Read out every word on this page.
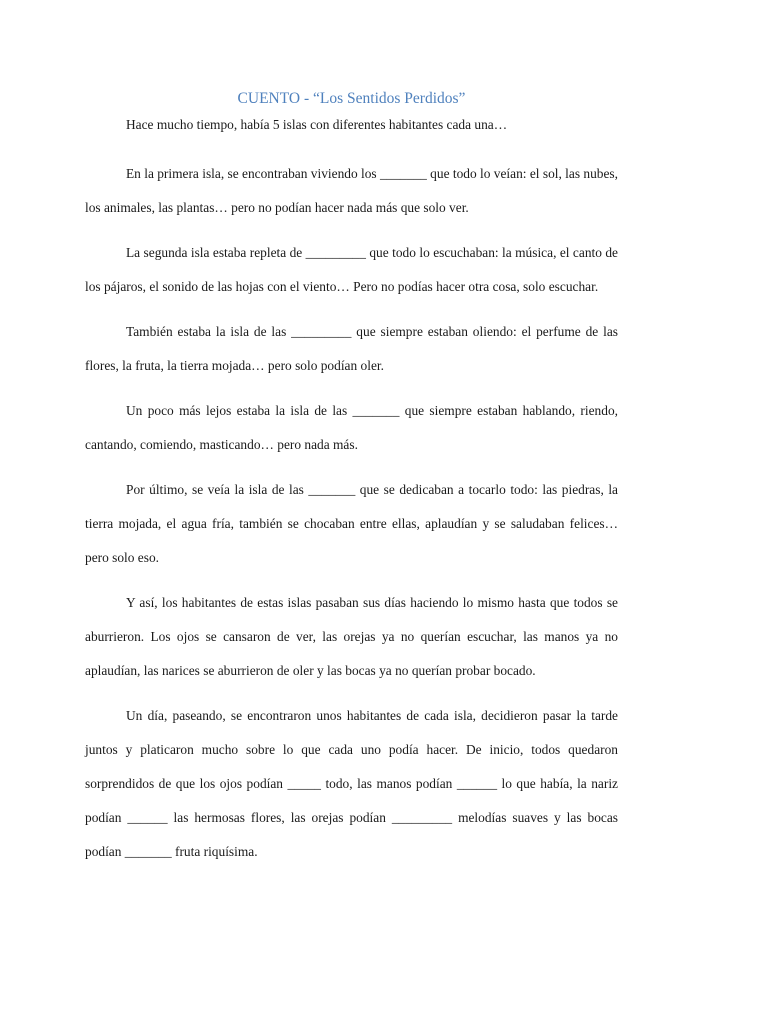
CUENTO - “Los Sentidos Perdidos”

Hace mucho tiempo, había 5 islas con diferentes habitantes cada una…

En la primera isla, se encontraban viviendo los _______ que todo lo veían: el sol, las nubes, los animales, las plantas… pero no podían hacer nada más que solo ver.

La segunda isla estaba repleta de _________ que todo lo escuchaban: la música, el canto de los pájaros, el sonido de las hojas con el viento… Pero no podías hacer otra cosa, solo escuchar.

También estaba la isla de las _________ que siempre estaban oliendo: el perfume de las flores, la fruta, la tierra mojada… pero solo podían oler.

Un poco más lejos estaba la isla de las _______ que siempre estaban hablando, riendo, cantando, comiendo, masticando… pero nada más.

Por último, se veía la isla de las _______ que se dedicaban a tocarlo todo: las piedras, la tierra mojada, el agua fría, también se chocaban entre ellas, aplaudían y se saludaban felices… pero solo eso.

Y así, los habitantes de estas islas pasaban sus días haciendo lo mismo hasta que todos se aburrieron. Los ojos se cansaron de ver, las orejas ya no querían escuchar, las manos ya no aplaudían, las narices se aburrieron de oler y las bocas ya no querían probar bocado.

Un día, paseando, se encontraron unos habitantes de cada isla, decidieron pasar la tarde juntos y platicaron mucho sobre lo que cada uno podía hacer. De inicio, todos quedaron sorprendidos de que los ojos podían _____ todo, las manos podían ______ lo que había, la nariz podían ______ las hermosas flores, las orejas podían _________ melodías suaves y las bocas podían _______ fruta riquísima.
